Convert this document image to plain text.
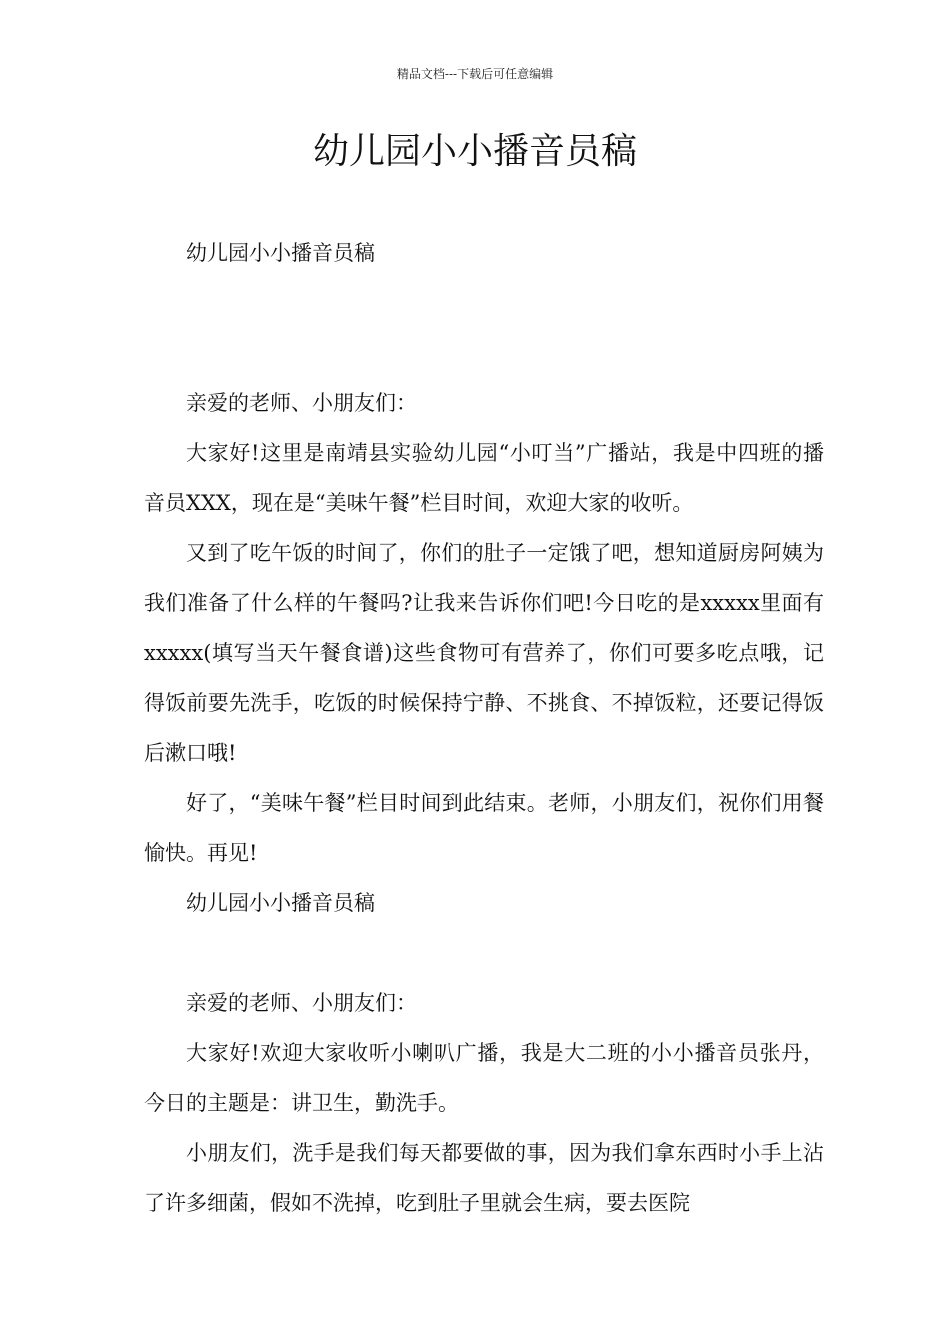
精品文档---下载后可任意编辑
幼儿园小小播音员稿

幼儿园小小播音员稿

亲爱的老师、小朋友们：

大家好!这里是南靖县实验幼儿园“小叮当”广播站，我是中四班的播音员XXX，现在是“美味午餐”栏目时间，欢迎大家的收听。

又到了吃午饭的时间了，你们的肚子一定饿了吧，想知道厨房阿姨为我们准备了什么样的午餐吗?让我来告诉你们吧!今日吃的是xxxxx里面有xxxxx(填写当天午餐食谱)这些食物可有营养了，你们可要多吃点哦，记得饭前要先洗手，吃饭的时候保持宁静、不挑食、不掉饭粒，还要记得饭后漱口哦!

好了，“美味午餐”栏目时间到此结束。老师，小朋友们，祝你们用餐愉快。再见!

幼儿园小小播音员稿

亲爱的老师、小朋友们：

大家好!欢迎大家收听小喇叭广播，我是大二班的小小播音员张丹，今日的主题是：讲卫生，勤洗手。

小朋友们，洗手是我们每天都要做的事，因为我们拿东西时小手上沾了许多细菌，假如不洗掉，吃到肚子里就会生病，要去医院
